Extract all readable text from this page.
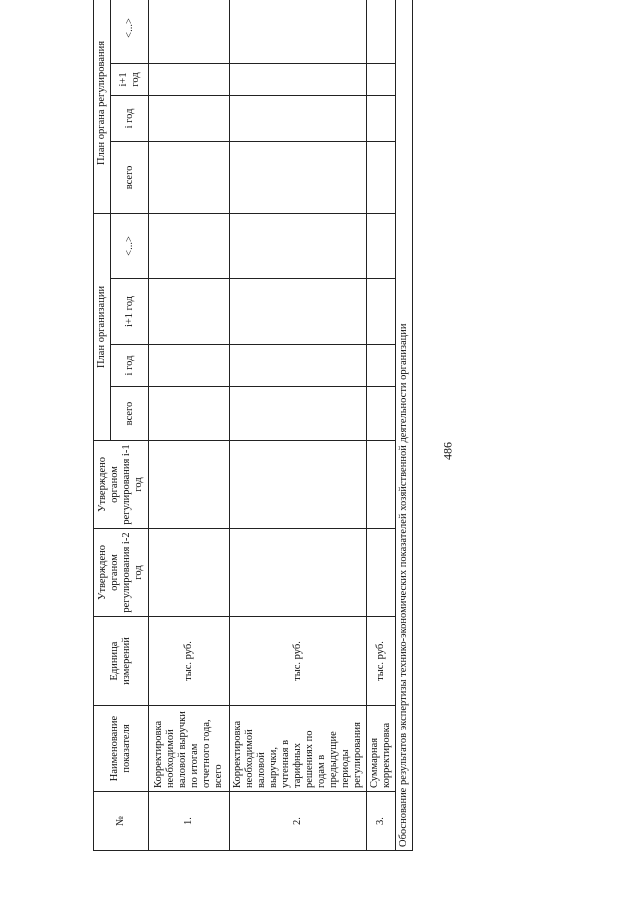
486
№	Наименование показателя	Единица измерений	Утверждено органом регулирования i-2 год	Утверждено органом регулирования i-1 год	План организации				План органа регулирования			
					всего	i год	i+1 год	<...>	всего	i год	i+1 год	<...>
1.	Корректировка необходимой валовой выручки по итогам отчетного года, всего	тыс. руб.										
2.	Корректировка необходимой валовой выручки, учтенная в тарифных решениях по годам в предыдущие периоды регулирования	тыс. руб.										
3.	Суммарная корректировка	тыс. руб.										
Обоснование результатов экспертизы технико-экономических показателей хозяйственной деятельности организации												
